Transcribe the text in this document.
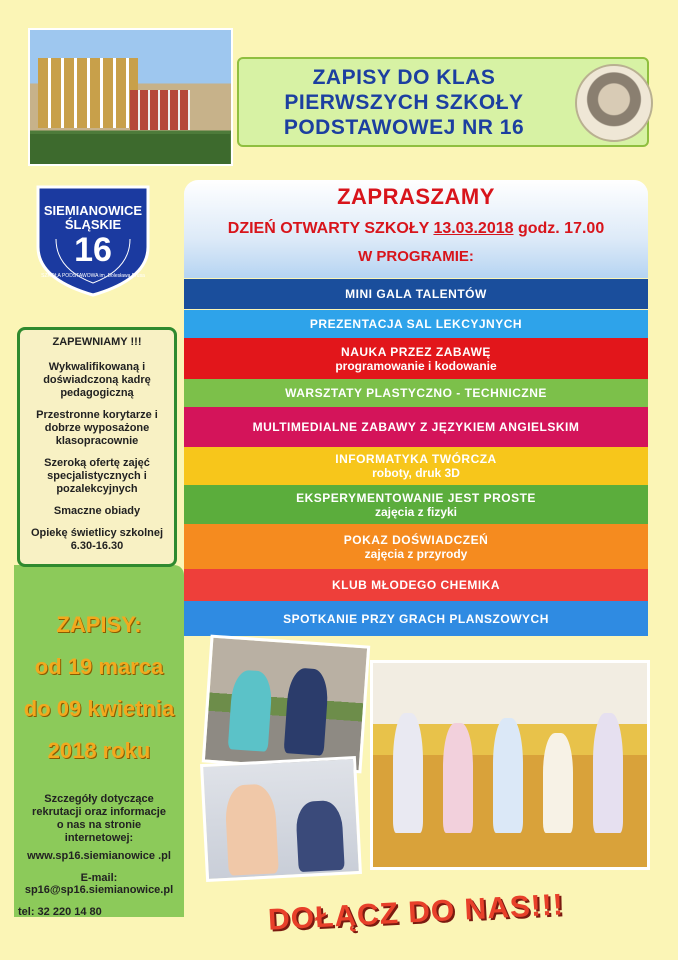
ZAPISY DO KLAS
PIERWSZYCH SZKOŁY
PODSTAWOWEJ NR 16
SIEMIANOWICE
ŚLĄSKIE
16
SZKOŁA PODSTAWOWA im. Bolesława Prusa
ZAPEWNIAMY !!!
Wykwalifikowaną i doświadczoną kadrę pedagogiczną
Przestronne korytarze i dobrze wyposażone klasopracownie
Szeroką ofertę zajęć specjalistycznych i pozalekcyjnych
Smaczne obiady
Opiekę świetlicy szkolnej 6.30-16.30
ZAPRASZAMY
DZIEŃ OTWARTY SZKOŁY 13.03.2018 godz. 17.00
W PROGRAMIE:
MINI GALA TALENTÓW
PREZENTACJA SAL LEKCYJNYCH
NAUKA PRZEZ ZABAWĘ
programowanie i kodowanie
WARSZTATY PLASTYCZNO - TECHNICZNE
MULTIMEDIALNE ZABAWY Z JĘZYKIEM ANGIELSKIM
INFORMATYKA TWÓRCZA
roboty, druk 3D
EKSPERYMENTOWANIE JEST PROSTE
zajęcia z fizyki
POKAZ DOŚWIADCZEŃ
zajęcia z przyrody
KLUB MŁODEGO CHEMIKA
SPOTKANIE PRZY GRACH PLANSZOWYCH
ZAPISY:
od 19 marca
do 09 kwietnia
2018 roku
Szczegóły dotyczące rekrutacji oraz informacje o nas na stronie internetowej:
www.sp16.siemianowice .pl
E-mail:
sp16@sp16.siemianowice.pl
tel: 32 220 14 80	DOŁĄCZ DO NAS!!!
